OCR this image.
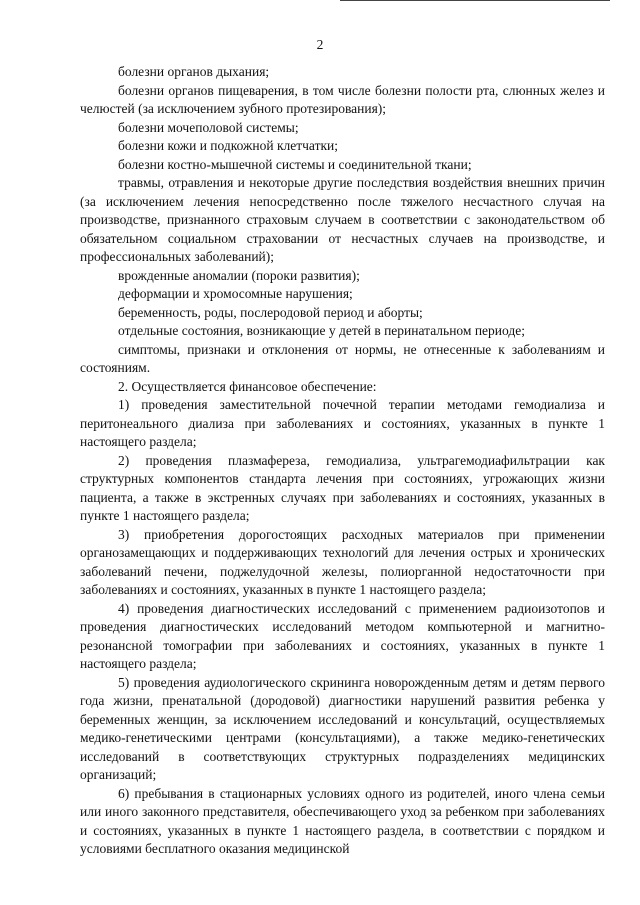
2

болезни органов дыхания;

болезни органов пищеварения, в том числе болезни полости рта, слюнных желез и челюстей (за исключением зубного протезирования);

болезни мочеполовой системы;

болезни кожи и подкожной клетчатки;

болезни костно-мышечной системы и соединительной ткани;

травмы, отравления и некоторые другие последствия воздействия внешних причин (за исключением лечения непосредственно после тяжелого несчастного случая на производстве, признанного страховым случаем в соответствии с законодательством об обязательном социальном страховании от несчастных случаев на производстве, и профессиональных заболеваний);

врожденные аномалии (пороки развития);

деформации и хромосомные нарушения;

беременность, роды, послеродовой период и аборты;

отдельные состояния, возникающие у детей в перинатальном периоде;

симптомы, признаки и отклонения от нормы, не отнесенные к заболеваниям и состояниям.

2. Осуществляется финансовое обеспечение:

1) проведения заместительной почечной терапии методами гемодиализа и перитонеального диализа при заболеваниях и состояниях, указанных в пункте 1 настоящего раздела;

2) проведения плазмафереза, гемодиализа, ультрагемодиафильтрации как структурных компонентов стандарта лечения при состояниях, угрожающих жизни пациента, а также в экстренных случаях при заболеваниях и состояниях, указанных в пункте 1 настоящего раздела;

3) приобретения дорогостоящих расходных материалов при применении органозамещающих и поддерживающих технологий для лечения острых и хронических заболеваний печени, поджелудочной железы, полиорганной недостаточности при заболеваниях и состояниях, указанных в пункте 1 настоящего раздела;

4) проведения диагностических исследований с применением радиоизотопов и проведения диагностических исследований методом компьютерной и магнитно-резонансной томографии при заболеваниях и состояниях, указанных в пункте 1 настоящего раздела;

5) проведения аудиологического скрининга новорожденным детям и детям первого года жизни, пренатальной (дородовой) диагностики нарушений развития ребенка у беременных женщин, за исключением исследований и консультаций, осуществляемых медико-генетическими центрами (консультациями), а также медико-генетических исследований в соответствующих структурных подразделениях медицинских организаций;

6) пребывания в стационарных условиях одного из родителей, иного члена семьи или иного законного представителя, обеспечивающего уход за ребенком при заболеваниях и состояниях, указанных в пункте 1 настоящего раздела, в соответствии с порядком и условиями бесплатного оказания медицинской
